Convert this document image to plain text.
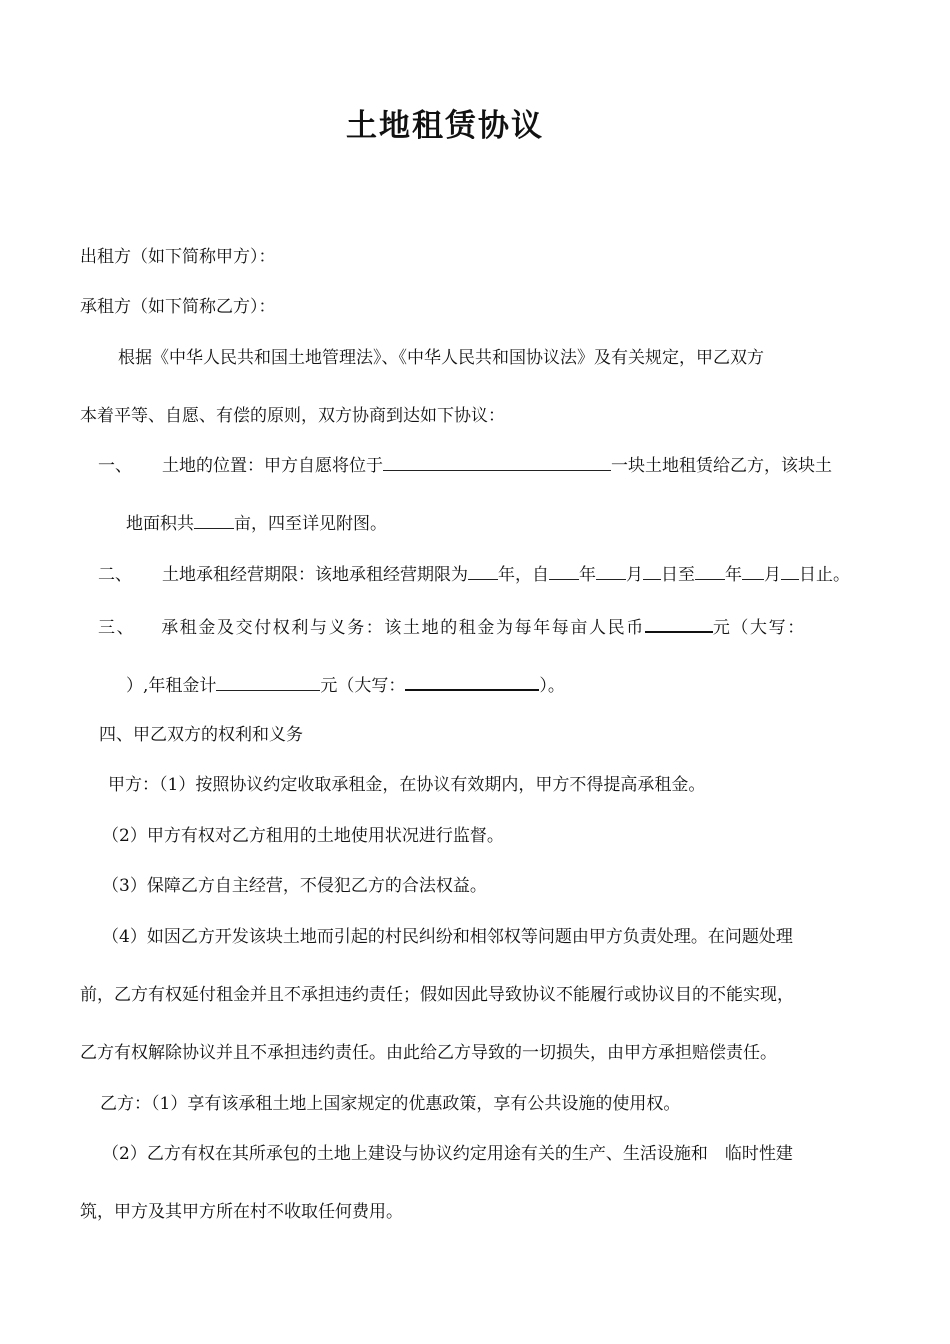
土地租赁协议
出租方（如下简称甲方）：
承租方（如下简称乙方）：
根据《中华人民共和国土地管理法》、《中华人民共和国协议法》及有关规定，甲乙双方
本着平等、自愿、有偿的原则，双方协商到达如下协议：
一、 土地的位置：甲方自愿将位于	一块土地租赁给乙方，该块土
地面积共 亩，四至详见附图。
二、 土地承租经营期限：该地承租经营期限为 年，自 年 月 日至 年 月 日止。
三、 承租金及交付权利与义务：该土地的租金为每年每亩人民币	元（大写：
）,年租金计	元（大写：	）。
四、甲乙双方的权利和义务
甲方：（1）按照协议约定收取承租金，在协议有效期内，甲方不得提高承租金。
（2）甲方有权对乙方租用的土地使用状况进行监督。
（3）保障乙方自主经营，不侵犯乙方的合法权益。
（4）如因乙方开发该块土地而引起的村民纠纷和相邻权等问题由甲方负责处理。在问题处理
前，乙方有权延付租金并且不承担违约责任；假如因此导致协议不能履行或协议目的不能实现，
乙方有权解除协议并且不承担违约责任。由此给乙方导致的一切损失，由甲方承担赔偿责任。
乙方：（1）享有该承租土地上国家规定的优惠政策，享有公共设施的使用权。
（2）乙方有权在其所承包的土地上建设与协议约定用途有关的生产、生活设施和　临时性建
筑，甲方及其甲方所在村不收取任何费用。
